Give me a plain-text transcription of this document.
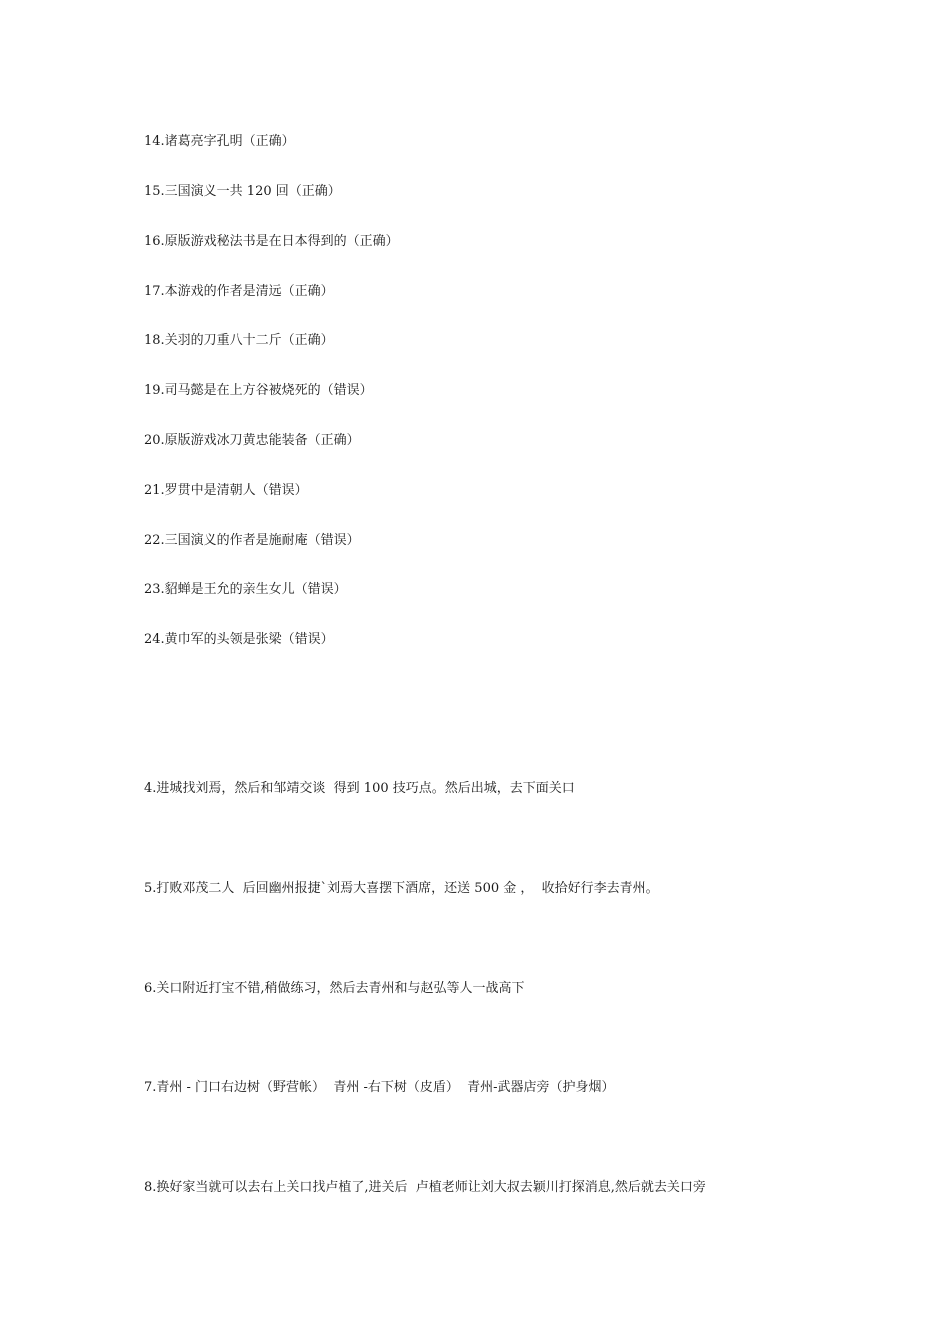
14.诸葛亮字孔明（正确）
15.三国演义一共 120 回（正确）
16.原版游戏秘法书是在日本得到的（正确）
17.本游戏的作者是清远（正确）
18.关羽的刀重八十二斤（正确）
19.司马懿是在上方谷被烧死的（错误）
20.原版游戏冰刀黄忠能装备（正确）
21.罗贯中是清朝人（错误）
22.三国演义的作者是施耐庵（错误）
23.貂蝉是王允的亲生女儿（错误）
24.黄巾军的头领是张梁（错误）
4.进城找刘焉，然后和邹靖交谈  得到 100 技巧点。然后出城，去下面关口
5.打败邓茂二人  后回幽州报捷`刘焉大喜摆下酒席，还送 500 金 ，  收拾好行李去青州。
6.关口附近打宝不错,稍做练习，然后去青州和与赵弘等人一战高下
7.青州 - 门口右边树（野营帐）  青州 -右下树（皮盾）  青州-武器店旁（护身烟）
8.换好家当就可以去右上关口找卢植了,进关后  卢植老师让刘大叔去颖川打探消息,然后就去关口旁
